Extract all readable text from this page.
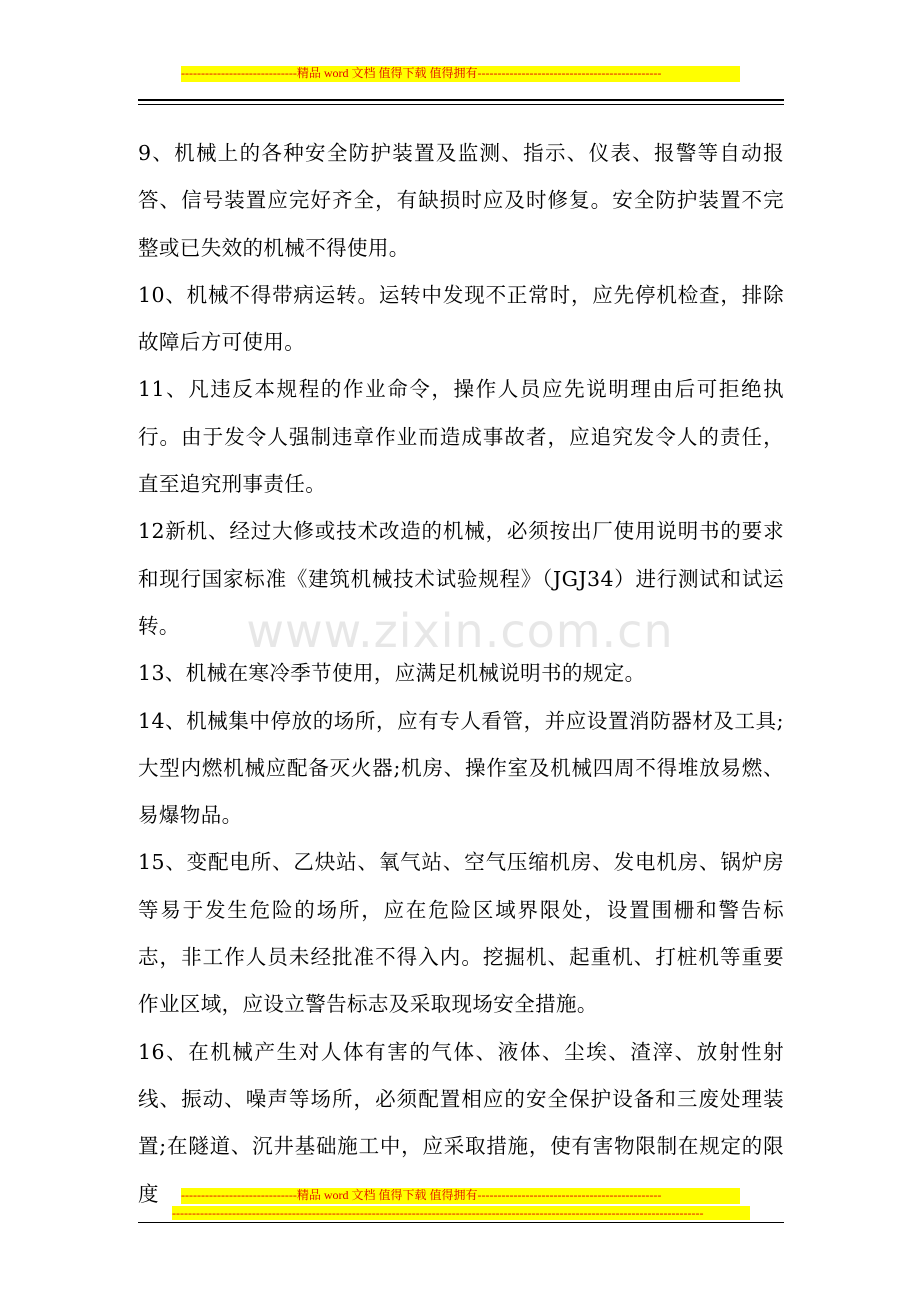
-----------------------------精品 word 文档 值得下载 值得拥有----------------------------------------------

9、机械上的各种安全防护装置及监测、指示、仪表、报警等自动报答、信号装置应完好齐全，有缺损时应及时修复。安全防护装置不完整或已失效的机械不得使用。

10、机械不得带病运转。运转中发现不正常时，应先停机检查，排除故障后方可使用。

11、凡违反本规程的作业命令，操作人员应先说明理由后可拒绝执行。由于发令人强制违章作业而造成事故者，应追究发令人的责任，直至追究刑事责任。

12新机、经过大修或技术改造的机械，必须按出厂使用说明书的要求和现行国家标准《建筑机械技术试验规程》（JGJ34）进行测试和试运转。

13、机械在寒冷季节使用，应满足机械说明书的规定。

14、机械集中停放的场所，应有专人看管，并应设置消防器材及工具;大型内燃机械应配备灭火器;机房、操作室及机械四周不得堆放易燃、易爆物品。

15、变配电所、乙炔站、氧气站、空气压缩机房、发电机房、锅炉房等易于发生危险的场所，应在危险区域界限处，设置围栅和警告标志，非工作人员未经批准不得入内。挖掘机、起重机、打桩机等重要作业区域，应设立警告标志及采取现场安全措施。

16、在机械产生对人体有害的气体、液体、尘埃、渣滓、放射性射线、振动、噪声等场所，必须配置相应的安全保护设备和三废处理装置;在隧道、沉井基础施工中，应采取措施，使有害物限制在规定的限度

www.zixin.com.cn
-----------------------------精品 word 文档 值得下载 值得拥有----------------------------------------------
-------------------------------------------------------------------------------------------------------------------------------------
